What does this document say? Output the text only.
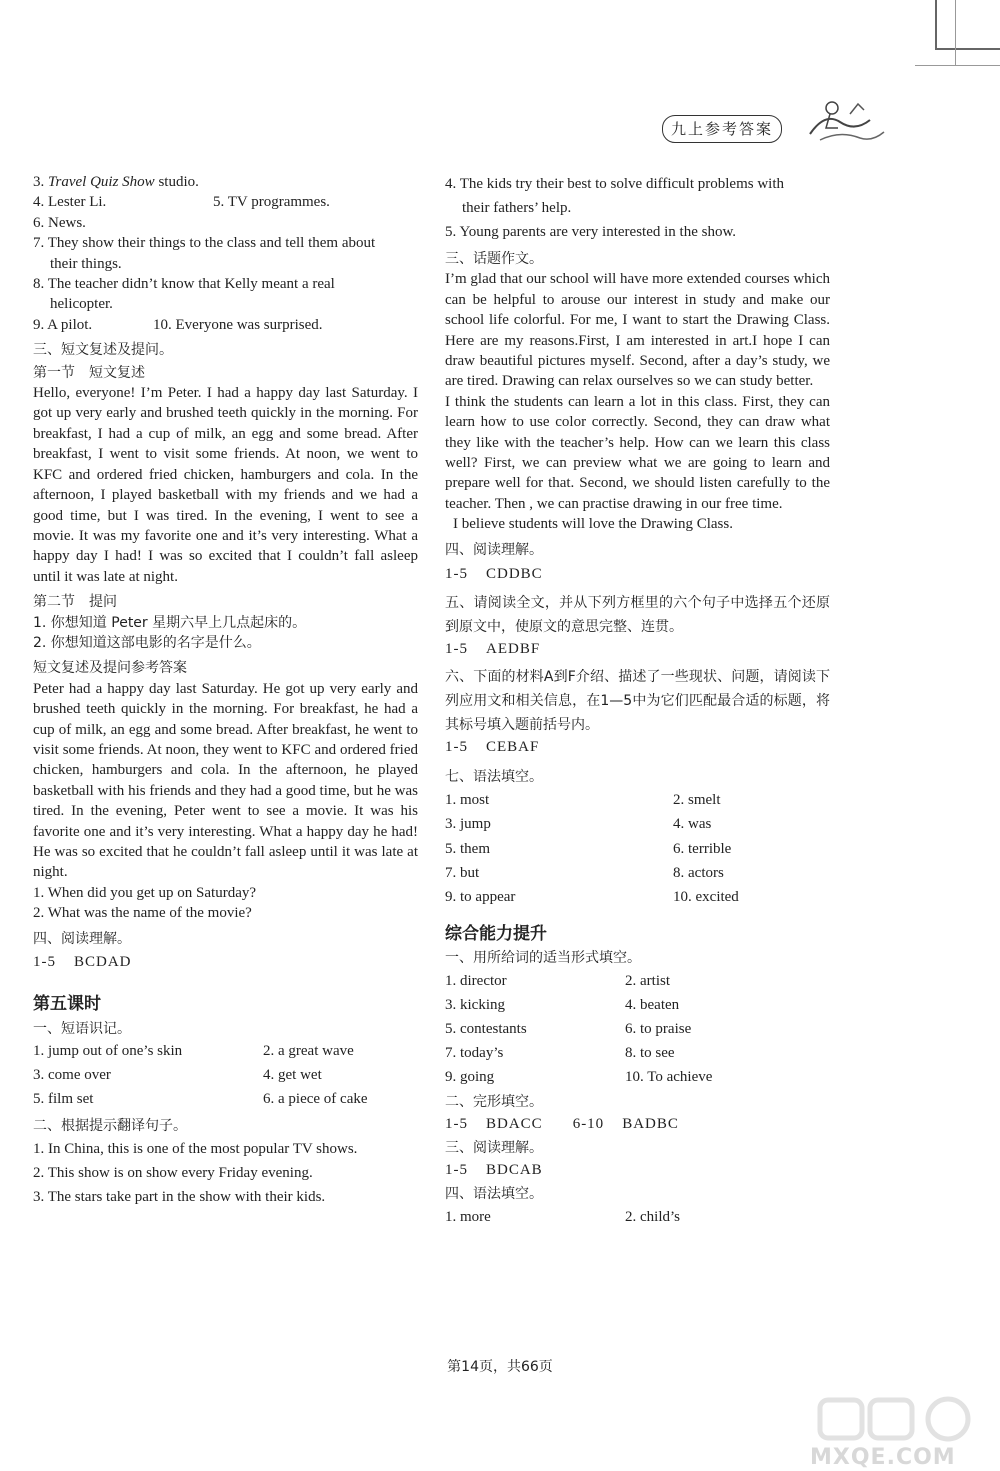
九上参考答案
3. Travel Quiz Show studio.
4. Lester Li.	5. TV programmes.
6. News.
7. They show their things to the class and tell them about
their things.
8. The teacher didn’t know that Kelly meant a real
helicopter.
9. A pilot.	10. Everyone was surprised.
三、短文复述及提问。
第一节　短文复述
Hello, everyone! I’m Peter. I had a happy day last Saturday. I got up very early and brushed teeth quickly in the morning. For breakfast, I had a cup of milk, an egg and some bread. After breakfast, I went to visit some friends. At noon, we went to KFC and ordered fried chicken, hamburgers and cola. In the afternoon, I played basketball with my friends and we had a good time, but I was tired. In the evening, I went to see a movie. It was my favorite one and it’s very interesting. What a happy day I had! I was so excited that I couldn’t fall asleep until it was late at night.
第二节　提问
1. 你想知道 Peter 星期六早上几点起床的。
2. 你想知道这部电影的名字是什么。
短文复述及提问参考答案
Peter had a happy day last Saturday. He got up very early and brushed teeth quickly in the morning. For breakfast, he had a cup of milk, an egg and some bread. After breakfast, he went to visit some friends. At noon, they went to KFC and ordered fried chicken, hamburgers and cola. In the afternoon, he played basketball with his friends and they had a good time, but he was tired. In the evening, Peter went to see a movie. It was his favorite one and it’s very interesting. What a happy day he had! He was so excited that he couldn’t fall asleep until it was late at night.
1. When did you get up on Saturday?
2. What was the name of the movie?
四、阅读理解。
1-5 BCDAD
第五课时
一、短语识记。
1. jump out of one’s skin	2. a great wave
3. come over	4. get wet
5. film set	6. a piece of cake
二、根据提示翻译句子。
1. In China, this is one of the most popular TV shows.
2. This show is on show every Friday evening.
3. The stars take part in the show with their kids.
4. The kids try their best to solve difficult problems with
their fathers’ help.
5. Young parents are very interested in the show.
三、话题作文。
I’m glad that our school will have more extended courses which can be helpful to arouse our interest in study and make our school life colorful. For me, I want to start the Drawing Class. Here are my reasons.First, I am interested in art.I hope I can draw beautiful pictures myself. Second, after a day’s study, we are tired. Drawing can relax ourselves so we can study better.
I think the students can learn a lot in this class. First, they can learn how to use color correctly. Second, they can draw what they like with the teacher’s help. How can we learn this class well? First, we can preview what we are going to learn and prepare well for that. Second, we should listen carefully to the teacher. Then , we can practise drawing in our free time.
I believe students will love the Drawing Class.
四、阅读理解。
1-5 CDDBC
五、请阅读全文，并从下列方框里的六个句子中选择五个还原到原文中，使原文的意思完整、连贯。
1-5 AEDBF
六、下面的材料A到F介绍、描述了一些现状、问题，请阅读下列应用文和相关信息，在1—5中为它们匹配最合适的标题，将其标号填入题前括号内。
1-5 CEBAF
七、语法填空。
1. most	2. smelt
3. jump	4. was
5. them	6. terrible
7. but	8. actors
9. to appear	10. excited
综合能力提升
一、用所给词的适当形式填空。
1. director	2. artist
3. kicking	4. beaten
5. contestants	6. to praise
7. today’s	8. to see
9. going	10. To achieve
二、完形填空。
1-5 BDACC 6-10 BADBC
三、阅读理解。
1-5 BDCAB
四、语法填空。
1. more	2. child’s
第14页，共66页
MXQE.COM
